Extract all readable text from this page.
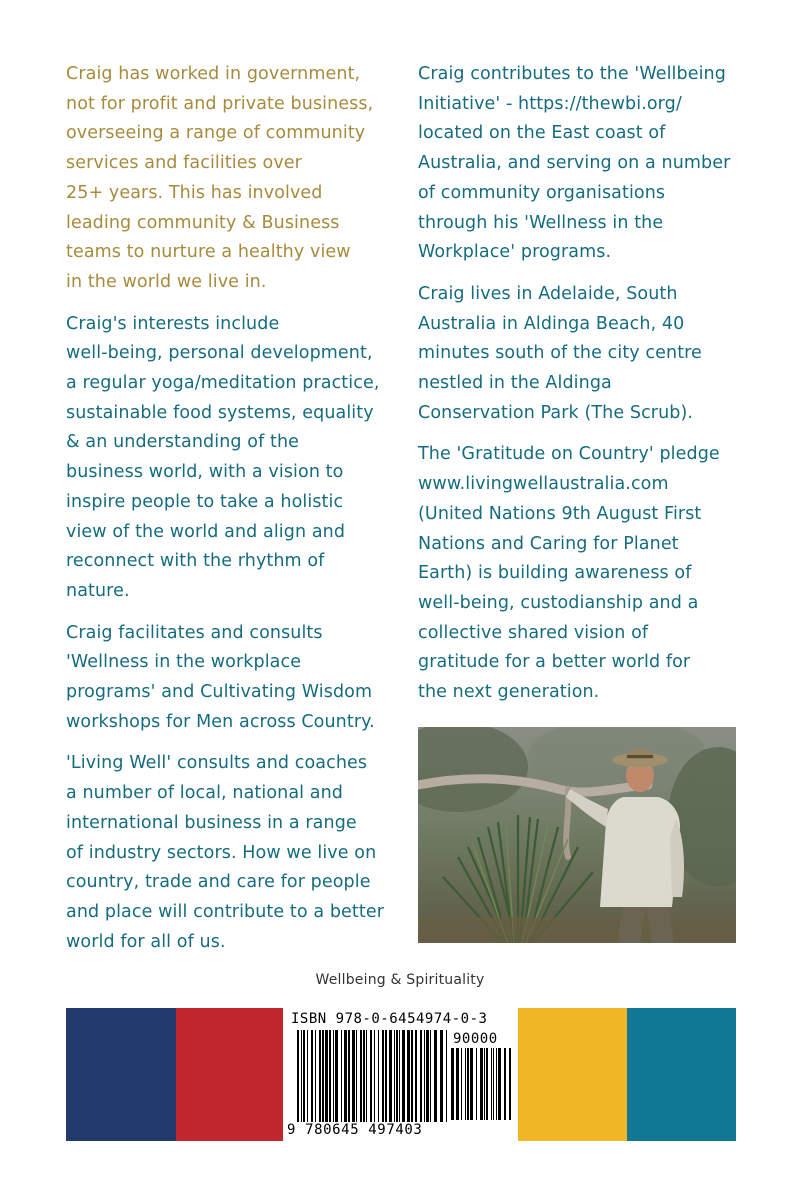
Craig has worked in government,
not for profit and private business,
overseeing a range of community
services and facilities over
25+ years. This has involved
leading community & Business
teams to nurture a healthy view
in the world we live in.

Craig's interests include
well-being, personal development,
a regular yoga/meditation practice,
sustainable food systems, equality
& an understanding of the
business world, with a vision to
inspire people to take a holistic
view of the world and align and
reconnect with the rhythm of
nature.

Craig facilitates and consults
'Wellness in the workplace
programs' and Cultivating Wisdom
workshops for Men across Country.

'Living Well' consults and coaches
a number of local, national and
international business in a range
of industry sectors. How we live on
country, trade and care for people
and place will contribute to a better
world for all of us.

Craig contributes to the 'Wellbeing
Initiative' - https://thewbi.org/
located on the East coast of
Australia, and serving on a number
of community organisations
through his 'Wellness in the
Workplace' programs.

Craig lives in Adelaide, South
Australia in Aldinga Beach, 40
minutes south of the city centre
nestled in the Aldinga
Conservation Park (The Scrub).

The 'Gratitude on Country' pledge
www.livingwellaustralia.com
(United Nations 9th August First
Nations and Caring for Planet
Earth) is building awareness of
well-being, custodianship and a
collective shared vision of
gratitude for a better world for
the next generation.

Wellbeing & Spirituality
ISBN 978-0-6454974-0-3
90000
9 780645 497403
